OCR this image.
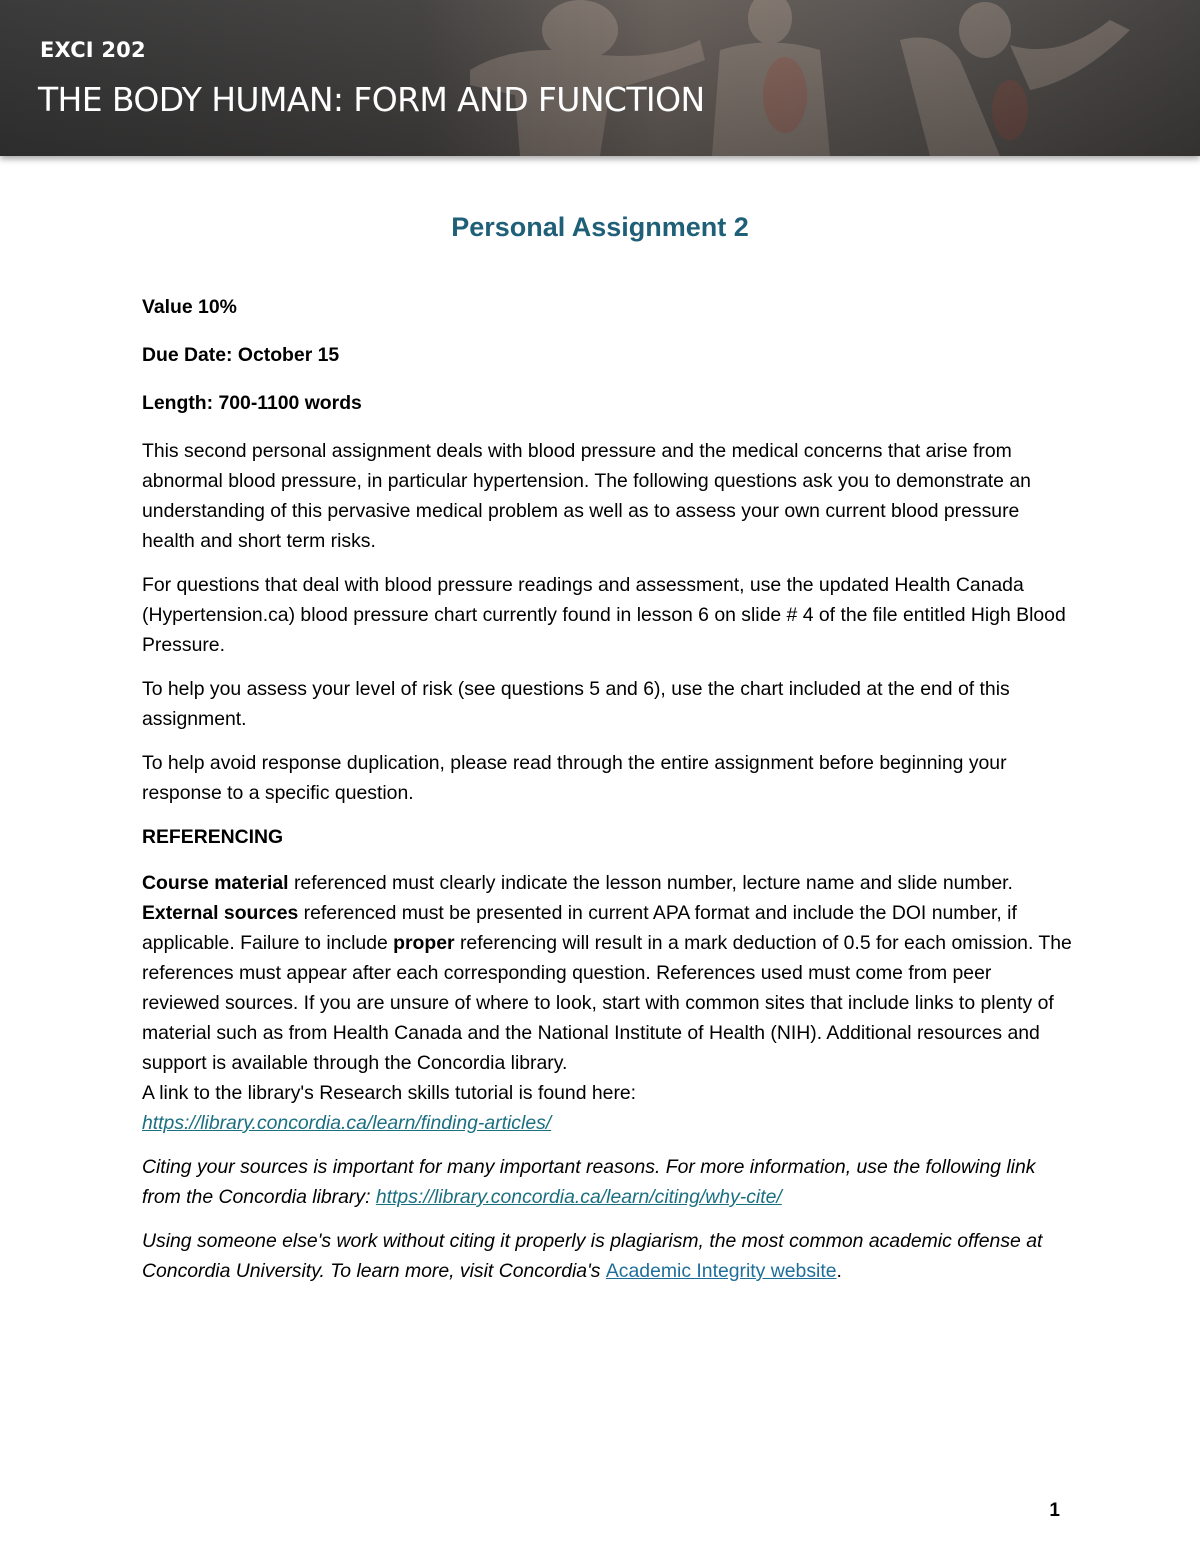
EXCI 202
THE BODY HUMAN: FORM AND FUNCTION
Personal Assignment 2

Value 10%

Due Date: October 15

Length: 700-1100 words

This second personal assignment deals with blood pressure and the medical concerns that arise from abnormal blood pressure, in particular hypertension. The following questions ask you to demonstrate an understanding of this pervasive medical problem as well as to assess your own current blood pressure health and short term risks.

For questions that deal with blood pressure readings and assessment, use the updated Health Canada (Hypertension.ca) blood pressure chart currently found in lesson 6 on slide # 4 of the file entitled High Blood Pressure.

To help you assess your level of risk (see questions 5 and 6), use the chart included at the end of this assignment.

To help avoid response duplication, please read through the entire assignment before beginning your response to a specific question.

REFERENCING

Course material referenced must clearly indicate the lesson number, lecture name and slide number. External sources referenced must be presented in current APA format and include the DOI number, if applicable. Failure to include proper referencing will result in a mark deduction of 0.5 for each omission. The references must appear after each corresponding question. References used must come from peer reviewed sources. If you are unsure of where to look, start with common sites that include links to plenty of material such as from Health Canada and the National Institute of Health (NIH). Additional resources and support is available through the Concordia library.
A link to the library's Research skills tutorial is found here:
https://library.concordia.ca/learn/finding-articles/

Citing your sources is important for many important reasons. For more information, use the following link from the Concordia library: https://library.concordia.ca/learn/citing/why-cite/

Using someone else's work without citing it properly is plagiarism, the most common academic offense at Concordia University. To learn more, visit Concordia's Academic Integrity website.

1
